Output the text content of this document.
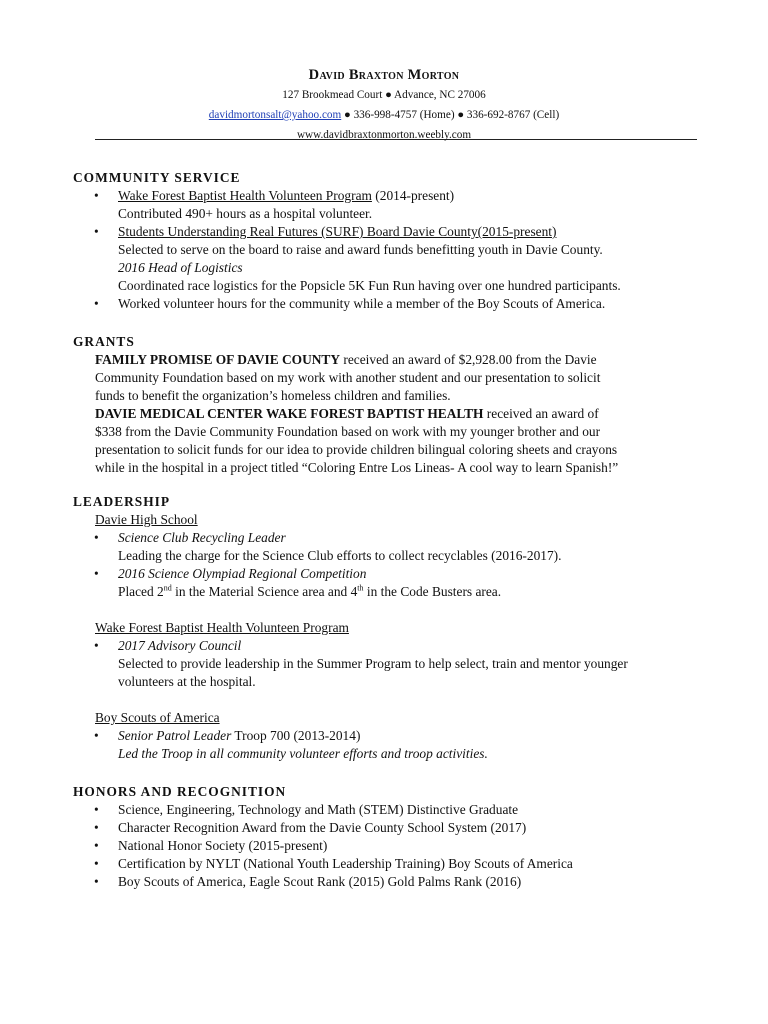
David Braxton Morton
127 Brookmead Court ● Advance, NC 27006
davidmortonsalt@yahoo.com ● 336-998-4757 (Home) ● 336-692-8767 (Cell)
www.davidbraxtonmorton.weebly.com
COMMUNITY SERVICE
• Wake Forest Baptist Health Volunteen Program (2014-present)
Contributed 490+ hours as a hospital volunteer.
• Students Understanding Real Futures (SURF) Board Davie County(2015-present)
Selected to serve on the board to raise and award funds benefitting youth in Davie County.
2016 Head of Logistics
Coordinated race logistics for the Popsicle 5K Fun Run having over one hundred participants.
• Worked volunteer hours for the community while a member of the Boy Scouts of America.
GRANTS
FAMILY PROMISE OF DAVIE COUNTY received an award of $2,928.00 from the Davie
Community Foundation based on my work with another student and our presentation to solicit
funds to benefit the organization’s homeless children and families.
DAVIE MEDICAL CENTER WAKE FOREST BAPTIST HEALTH received an award of
$338 from the Davie Community Foundation based on work with my younger brother and our
presentation to solicit funds for our idea to provide children bilingual coloring sheets and crayons
while in the hospital in a project titled “Coloring Entre Los Lineas- A cool way to learn Spanish!”
LEADERSHIP
Davie High School
• Science Club Recycling Leader
Leading the charge for the Science Club efforts to collect recyclables (2016-2017).
• 2016 Science Olympiad Regional Competition
Placed 2nd in the Material Science area and 4th in the Code Busters area.
Wake Forest Baptist Health Volunteen Program
• 2017 Advisory Council
Selected to provide leadership in the Summer Program to help select, train and mentor younger
volunteers at the hospital.
Boy Scouts of America
• Senior Patrol Leader Troop 700 (2013-2014)
Led the Troop in all community volunteer efforts and troop activities.
HONORS AND RECOGNITION
• Science, Engineering, Technology and Math (STEM) Distinctive Graduate
• Character Recognition Award from the Davie County School System (2017)
• National Honor Society (2015-present)
• Certification by NYLT (National Youth Leadership Training) Boy Scouts of America
• Boy Scouts of America, Eagle Scout Rank (2015) Gold Palms Rank (2016)
